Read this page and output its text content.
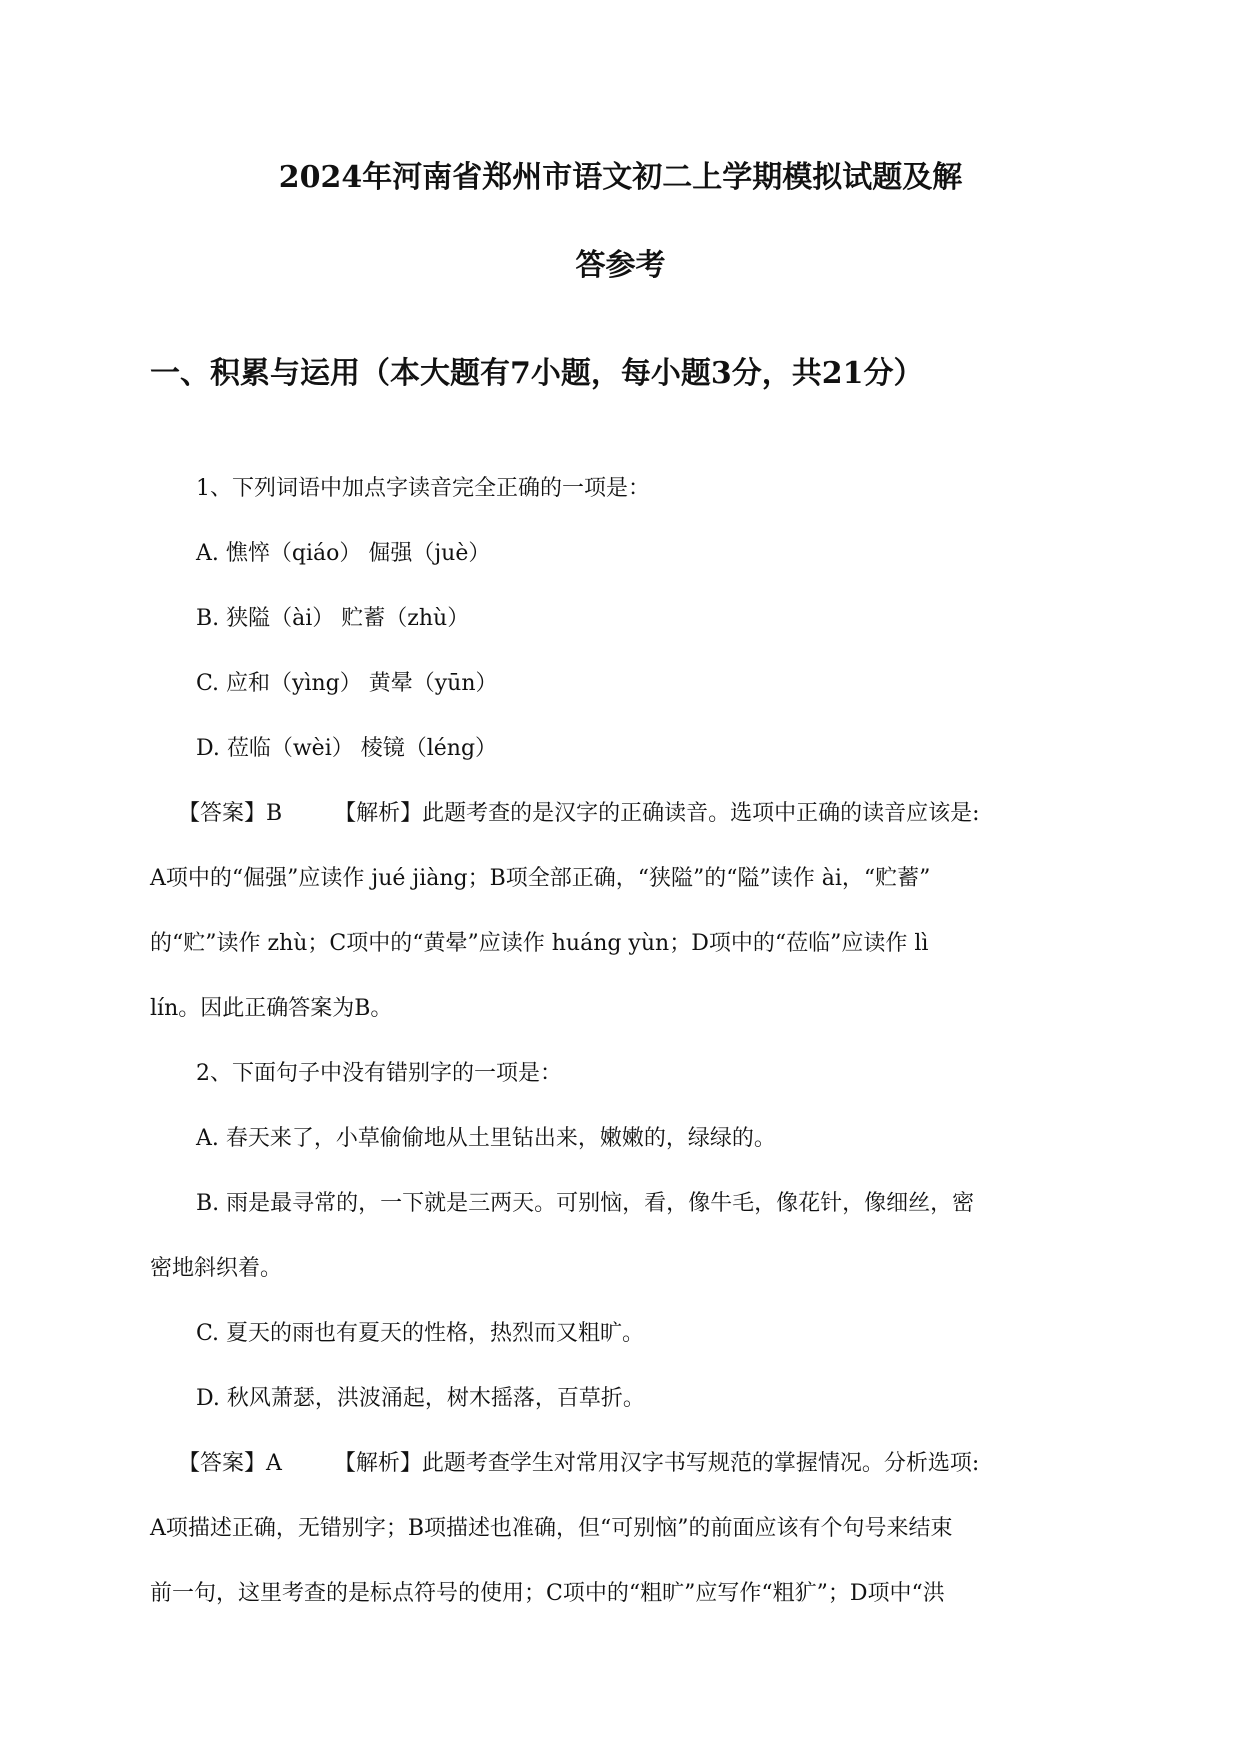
2024年河南省郑州市语文初二上学期模拟试题及解
答参考
一、积累与运用（本大题有7小题，每小题3分，共21分）
1、下列词语中加点字读音完全正确的一项是：
A. 憔悴（qiáo） 倔强（juè）
B. 狭隘（ài） 贮蓄（zhù）
C. 应和（yìng） 黄晕（yūn）
D. 莅临（wèi） 棱镜（léng）
【答案】B 【解析】此题考查的是汉字的正确读音。选项中正确的读音应该是:
A项中的“倔强”应读作 jué jiàng；B项全部正确，“狭隘”的“隘”读作 ài，“贮蓄”
的“贮”读作 zhù；C项中的“黄晕”应读作 huáng yùn；D项中的“莅临”应读作 lì
lín。因此正确答案为B。
2、下面句子中没有错别字的一项是：
A. 春天来了，小草偷偷地从土里钻出来，嫩嫩的，绿绿的。
B. 雨是最寻常的，一下就是三两天。可别恼，看，像牛毛，像花针，像细丝，密
密地斜织着。
C. 夏天的雨也有夏天的性格，热烈而又粗旷。
D. 秋风萧瑟，洪波涌起，树木摇落，百草折。
【答案】A 【解析】此题考查学生对常用汉字书写规范的掌握情况。分析选项:
A项描述正确，无错别字；B项描述也准确，但“可别恼”的前面应该有个句号来结束
前一句，这里考查的是标点符号的使用；C项中的“粗旷”应写作“粗犷”；D项中“洪
